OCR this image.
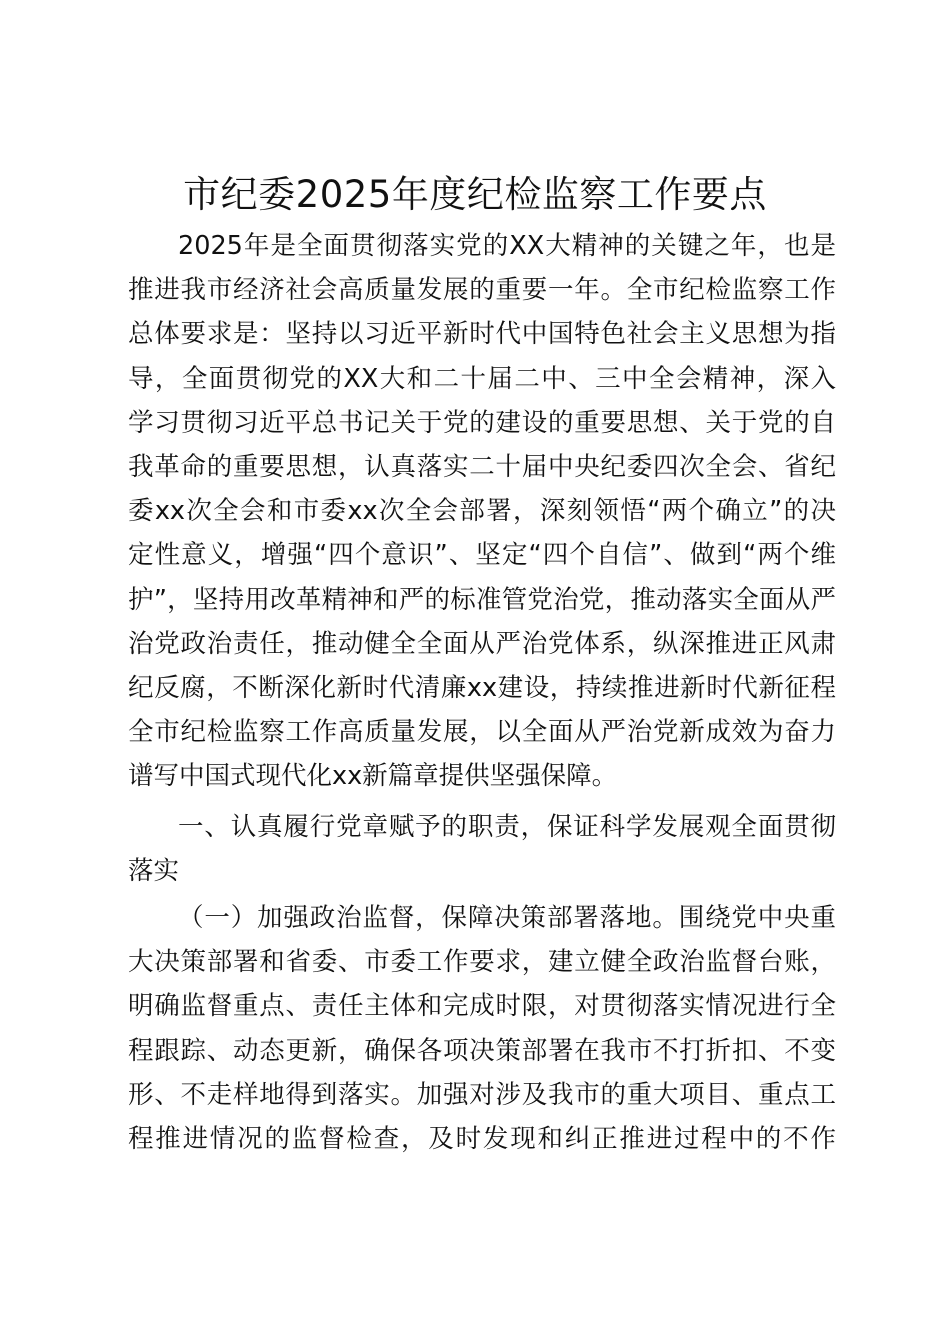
市纪委2025年度纪检监察工作要点
2025年是全面贯彻落实党的XX大精神的关键之年，也是
推进我市经济社会高质量发展的重要一年。全市纪检监察工作
总体要求是：坚持以习近平新时代中国特色社会主义思想为指
导，全面贯彻党的XX大和二十届二中、三中全会精神，深入
学习贯彻习近平总书记关于党的建设的重要思想、关于党的自
我革命的重要思想，认真落实二十届中央纪委四次全会、省纪
委xx次全会和市委xx次全会部署，深刻领悟“两个确立”的决
定性意义，增强“四个意识”、坚定“四个自信”、做到“两个维
护”，坚持用改革精神和严的标准管党治党，推动落实全面从严
治党政治责任，推动健全全面从严治党体系，纵深推进正风肃
纪反腐，不断深化新时代清廉xx建设，持续推进新时代新征程
全市纪检监察工作高质量发展，以全面从严治党新成效为奋力
谱写中国式现代化xx新篇章提供坚强保障。
一、认真履行党章赋予的职责，保证科学发展观全面贯彻
落实
（一）加强政治监督，保障决策部署落地。围绕党中央重
大决策部署和省委、市委工作要求，建立健全政治监督台账，
明确监督重点、责任主体和完成时限，对贯彻落实情况进行全
程跟踪、动态更新，确保各项决策部署在我市不打折扣、不变
形、不走样地得到落实。加强对涉及我市的重大项目、重点工
程推进情况的监督检查，及时发现和纠正推进过程中的不作
